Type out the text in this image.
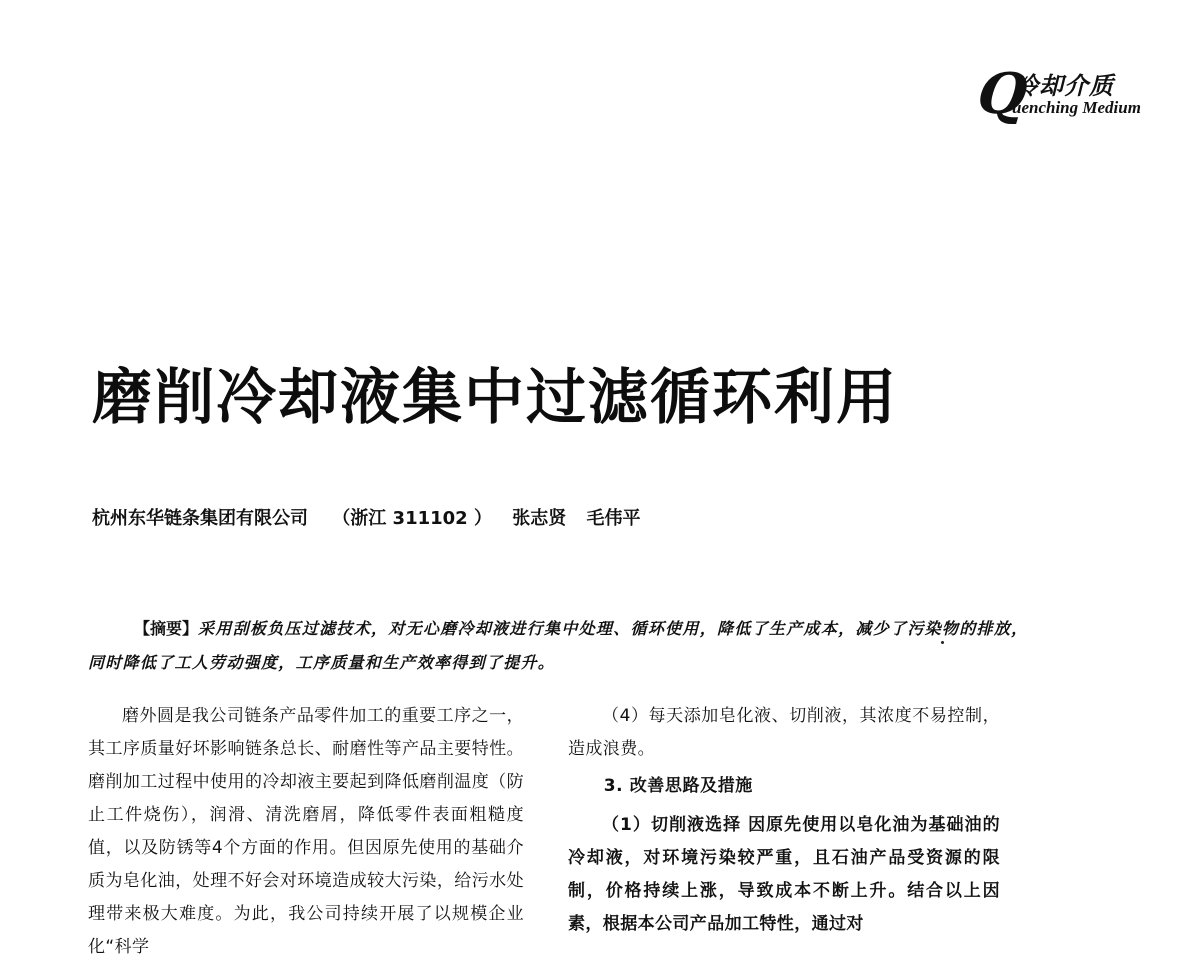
Q
冷却介质
uenching Medium
磨削冷却液集中过滤循环利用
杭州东华链条集团有限公司 （浙江 311102 ） 张志贤 毛伟平

【摘要】采用刮板负压过滤技术，对无心磨冷却液进行集中处理、循环使用，降低了生产成本，减少了污染物的排放，同时降低了工人劳动强度，工序质量和生产效率得到了提升。

磨外圆是我公司链条产品零件加工的重要工序之一，其工序质量好坏影响链条总长、耐磨性等产品主要特性。磨削加工过程中使用的冷却液主要起到降低磨削温度（防止工件烧伤），润滑、清洗磨屑，降低零件表面粗糙度值，以及防锈等4个方面的作用。但因原先使用的基础介质为皂化油，处理不好会对环境造成较大污染，给污水处理带来极大难度。为此，我公司持续开展了以规模企业化“科学

（4）每天添加皂化液、切削液，其浓度不易控制，造成浪费。

3. 改善思路及措施

（1）切削液选择 因原先使用以皂化油为基础油的冷却液，对环境污染较严重，且石油产品受资源的限制，价格持续上涨，导致成本不断上升。结合以上因素，根据本公司产品加工特性，通过对
